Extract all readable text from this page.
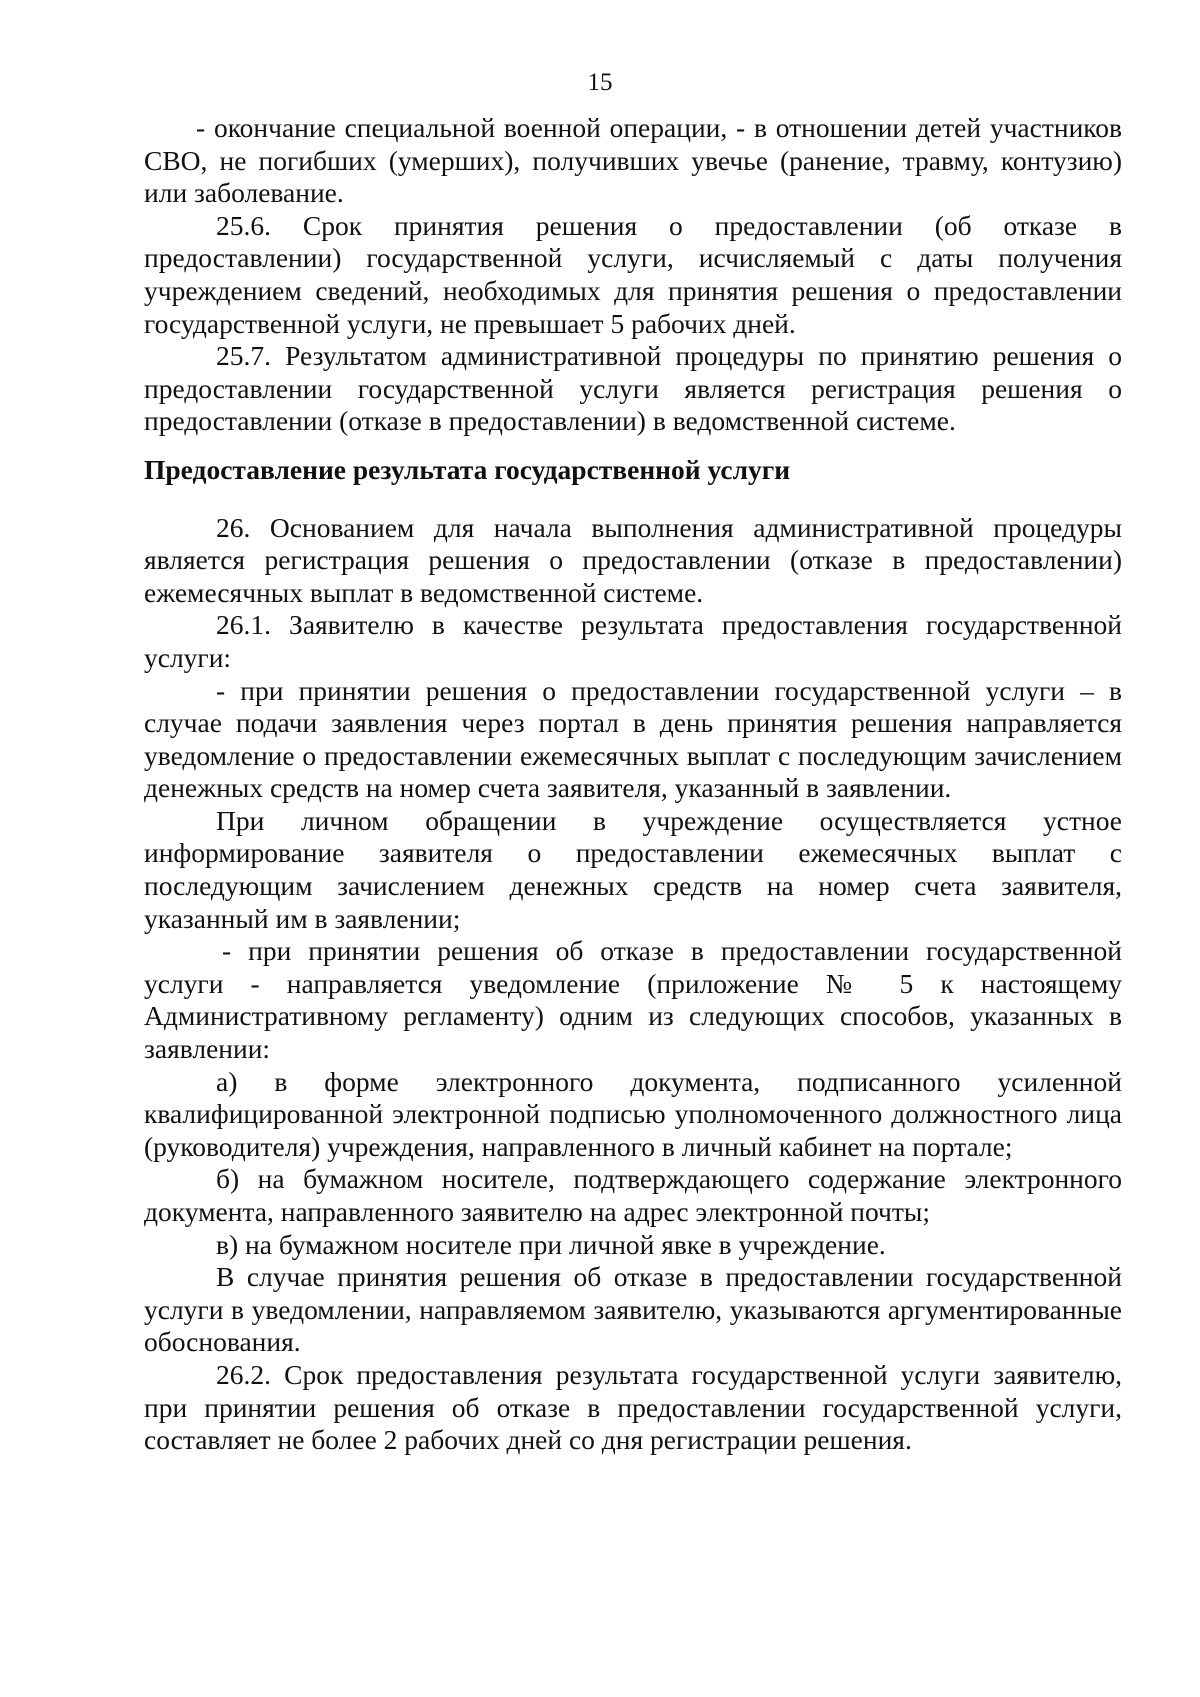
15

- окончание специальной военной операции, - в отношении детей участников СВО, не погибших (умерших), получивших увечье (ранение, травму, контузию) или заболевание.

25.6. Срок принятия решения о предоставлении (об отказе в предоставлении) государственной услуги, исчисляемый с даты получения учреждением сведений, необходимых для принятия решения о предоставлении государственной услуги, не превышает 5 рабочих дней.

25.7. Результатом административной процедуры по принятию решения о предоставлении государственной услуги является регистрация решения о предоставлении (отказе в предоставлении) в ведомственной системе.

Предоставление результата государственной услуги

26. Основанием для начала выполнения административной процедуры является регистрация решения о предоставлении (отказе в предоставлении) ежемесячных выплат в ведомственной системе.

26.1. Заявителю в качестве результата предоставления государственной услуги:

- при принятии решения о предоставлении государственной услуги – в случае подачи заявления через портал в день принятия решения направляется уведомление о предоставлении ежемесячных выплат с последующим зачислением денежных средств на номер счета заявителя, указанный в заявлении.

При личном обращении в учреждение осуществляется устное информирование заявителя о предоставлении ежемесячных выплат с последующим зачислением денежных средств на номер счета заявителя, указанный им в заявлении;

- при принятии решения об отказе в предоставлении государственной услуги - направляется уведомление (приложение № 5 к настоящему Административному регламенту) одним из следующих способов, указанных в заявлении:

а) в форме электронного документа, подписанного усиленной квалифицированной электронной подписью уполномоченного должностного лица (руководителя) учреждения, направленного в личный кабинет на портале;

б) на бумажном носителе, подтверждающего содержание электронного документа, направленного заявителю на адрес электронной почты;

в) на бумажном носителе при личной явке в учреждение.

В случае принятия решения об отказе в предоставлении государственной услуги в уведомлении, направляемом заявителю, указываются аргументированные обоснования.

26.2. Срок предоставления результата государственной услуги заявителю, при принятии решения об отказе в предоставлении государственной услуги, составляет не более 2 рабочих дней со дня регистрации решения.
